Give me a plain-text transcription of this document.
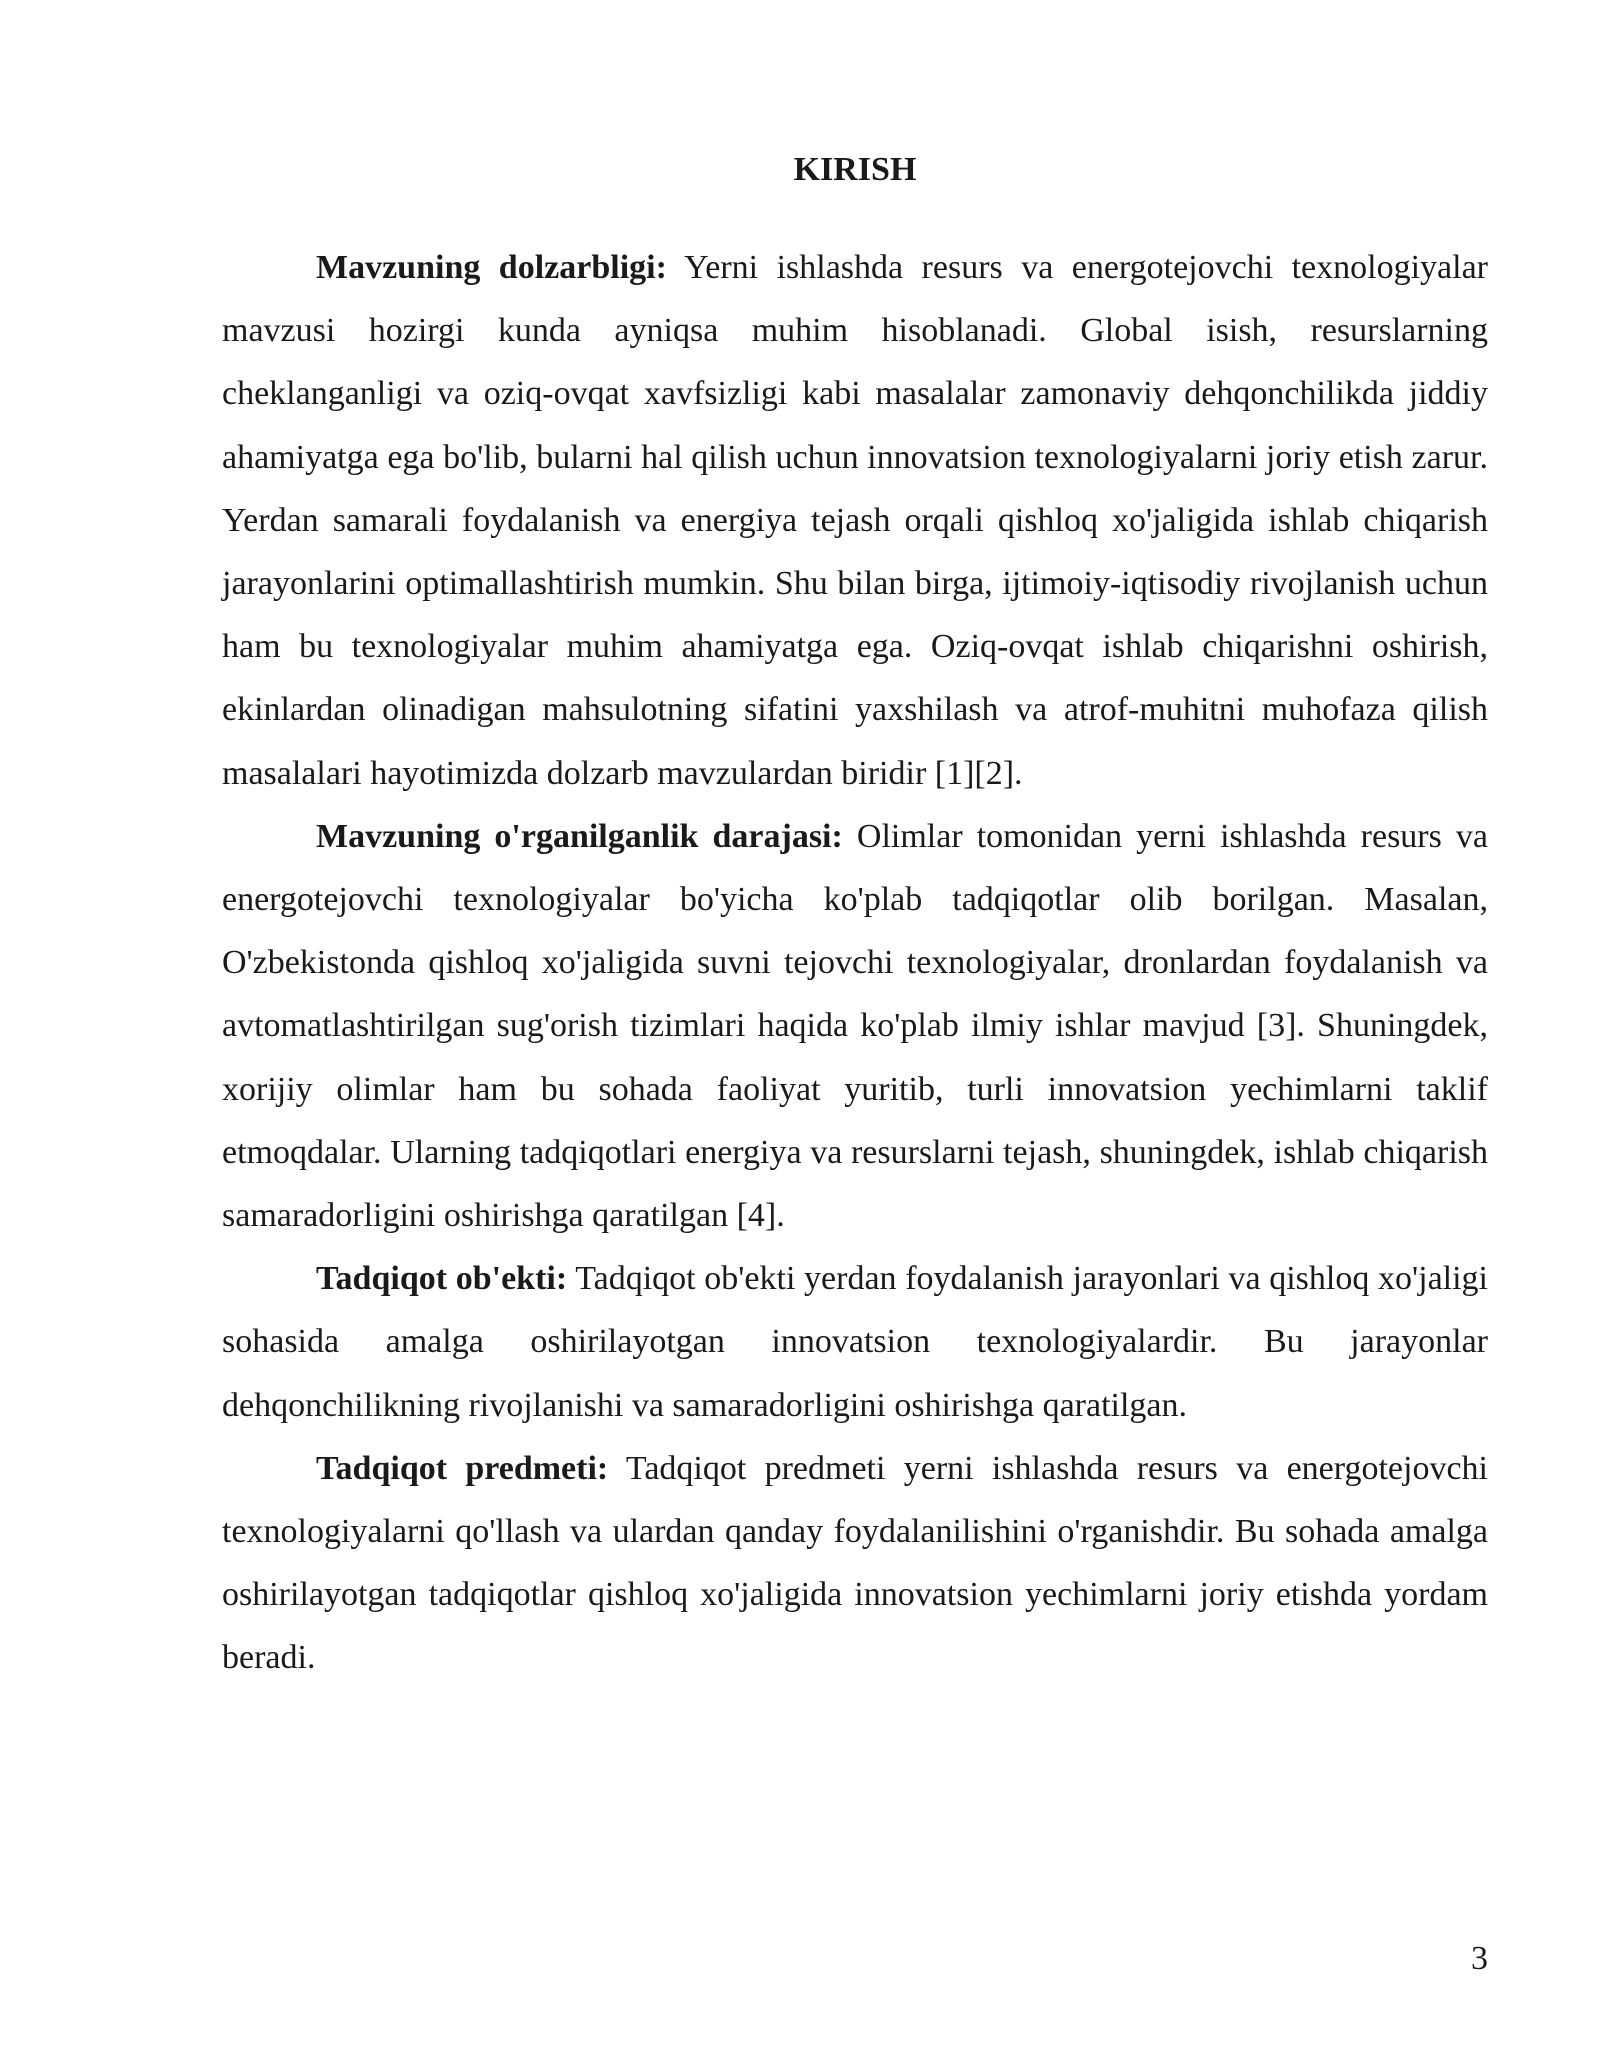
KIRISH

Mavzuning dolzarbligi: Yerni ishlashda resurs va energotejovchi texnologiyalar mavzusi hozirgi kunda ayniqsa muhim hisoblanadi. Global isish, resurslarning cheklanganligi va oziq-ovqat xavfsizligi kabi masalalar zamonaviy dehqonchilikda jiddiy ahamiyatga ega bo'lib, bularni hal qilish uchun innovatsion texnologiyalarni joriy etish zarur. Yerdan samarali foydalanish va energiya tejash orqali qishloq xo'jaligida ishlab chiqarish jarayonlarini optimallashtirish mumkin. Shu bilan birga, ijtimoiy-iqtisodiy rivojlanish uchun ham bu texnologiyalar muhim ahamiyatga ega. Oziq-ovqat ishlab chiqarishni oshirish, ekinlardan olinadigan mahsulotning sifatini yaxshilash va atrof-muhitni muhofaza qilish masalalari hayotimizda dolzarb mavzulardan biridir [1][2].

Mavzuning o'rganilganlik darajasi: Olimlar tomonidan yerni ishlashda resurs va energotejovchi texnologiyalar bo'yicha ko'plab tadqiqotlar olib borilgan. Masalan, O'zbekistonda qishloq xo'jaligida suvni tejovchi texnologiyalar, dronlardan foydalanish va avtomatlashtirilgan sug'orish tizimlari haqida ko'plab ilmiy ishlar mavjud [3]. Shuningdek, xorijiy olimlar ham bu sohada faoliyat yuritib, turli innovatsion yechimlarni taklif etmoqdalar. Ularning tadqiqotlari energiya va resurslarni tejash, shuningdek, ishlab chiqarish samaradorligini oshirishga qaratilgan [4].

Tadqiqot ob'ekti: Tadqiqot ob'ekti yerdan foydalanish jarayonlari va qishloq xo'jaligi sohasida amalga oshirilayotgan innovatsion texnologiyalardir. Bu jarayonlar dehqonchilikning rivojlanishi va samaradorligini oshirishga qaratilgan.

Tadqiqot predmeti: Tadqiqot predmeti yerni ishlashda resurs va energotejovchi texnologiyalarni qo'llash va ulardan qanday foydalanilishini o'rganishdir. Bu sohada amalga oshirilayotgan tadqiqotlar qishloq xo'jaligida innovatsion yechimlarni joriy etishda yordam beradi.

3
